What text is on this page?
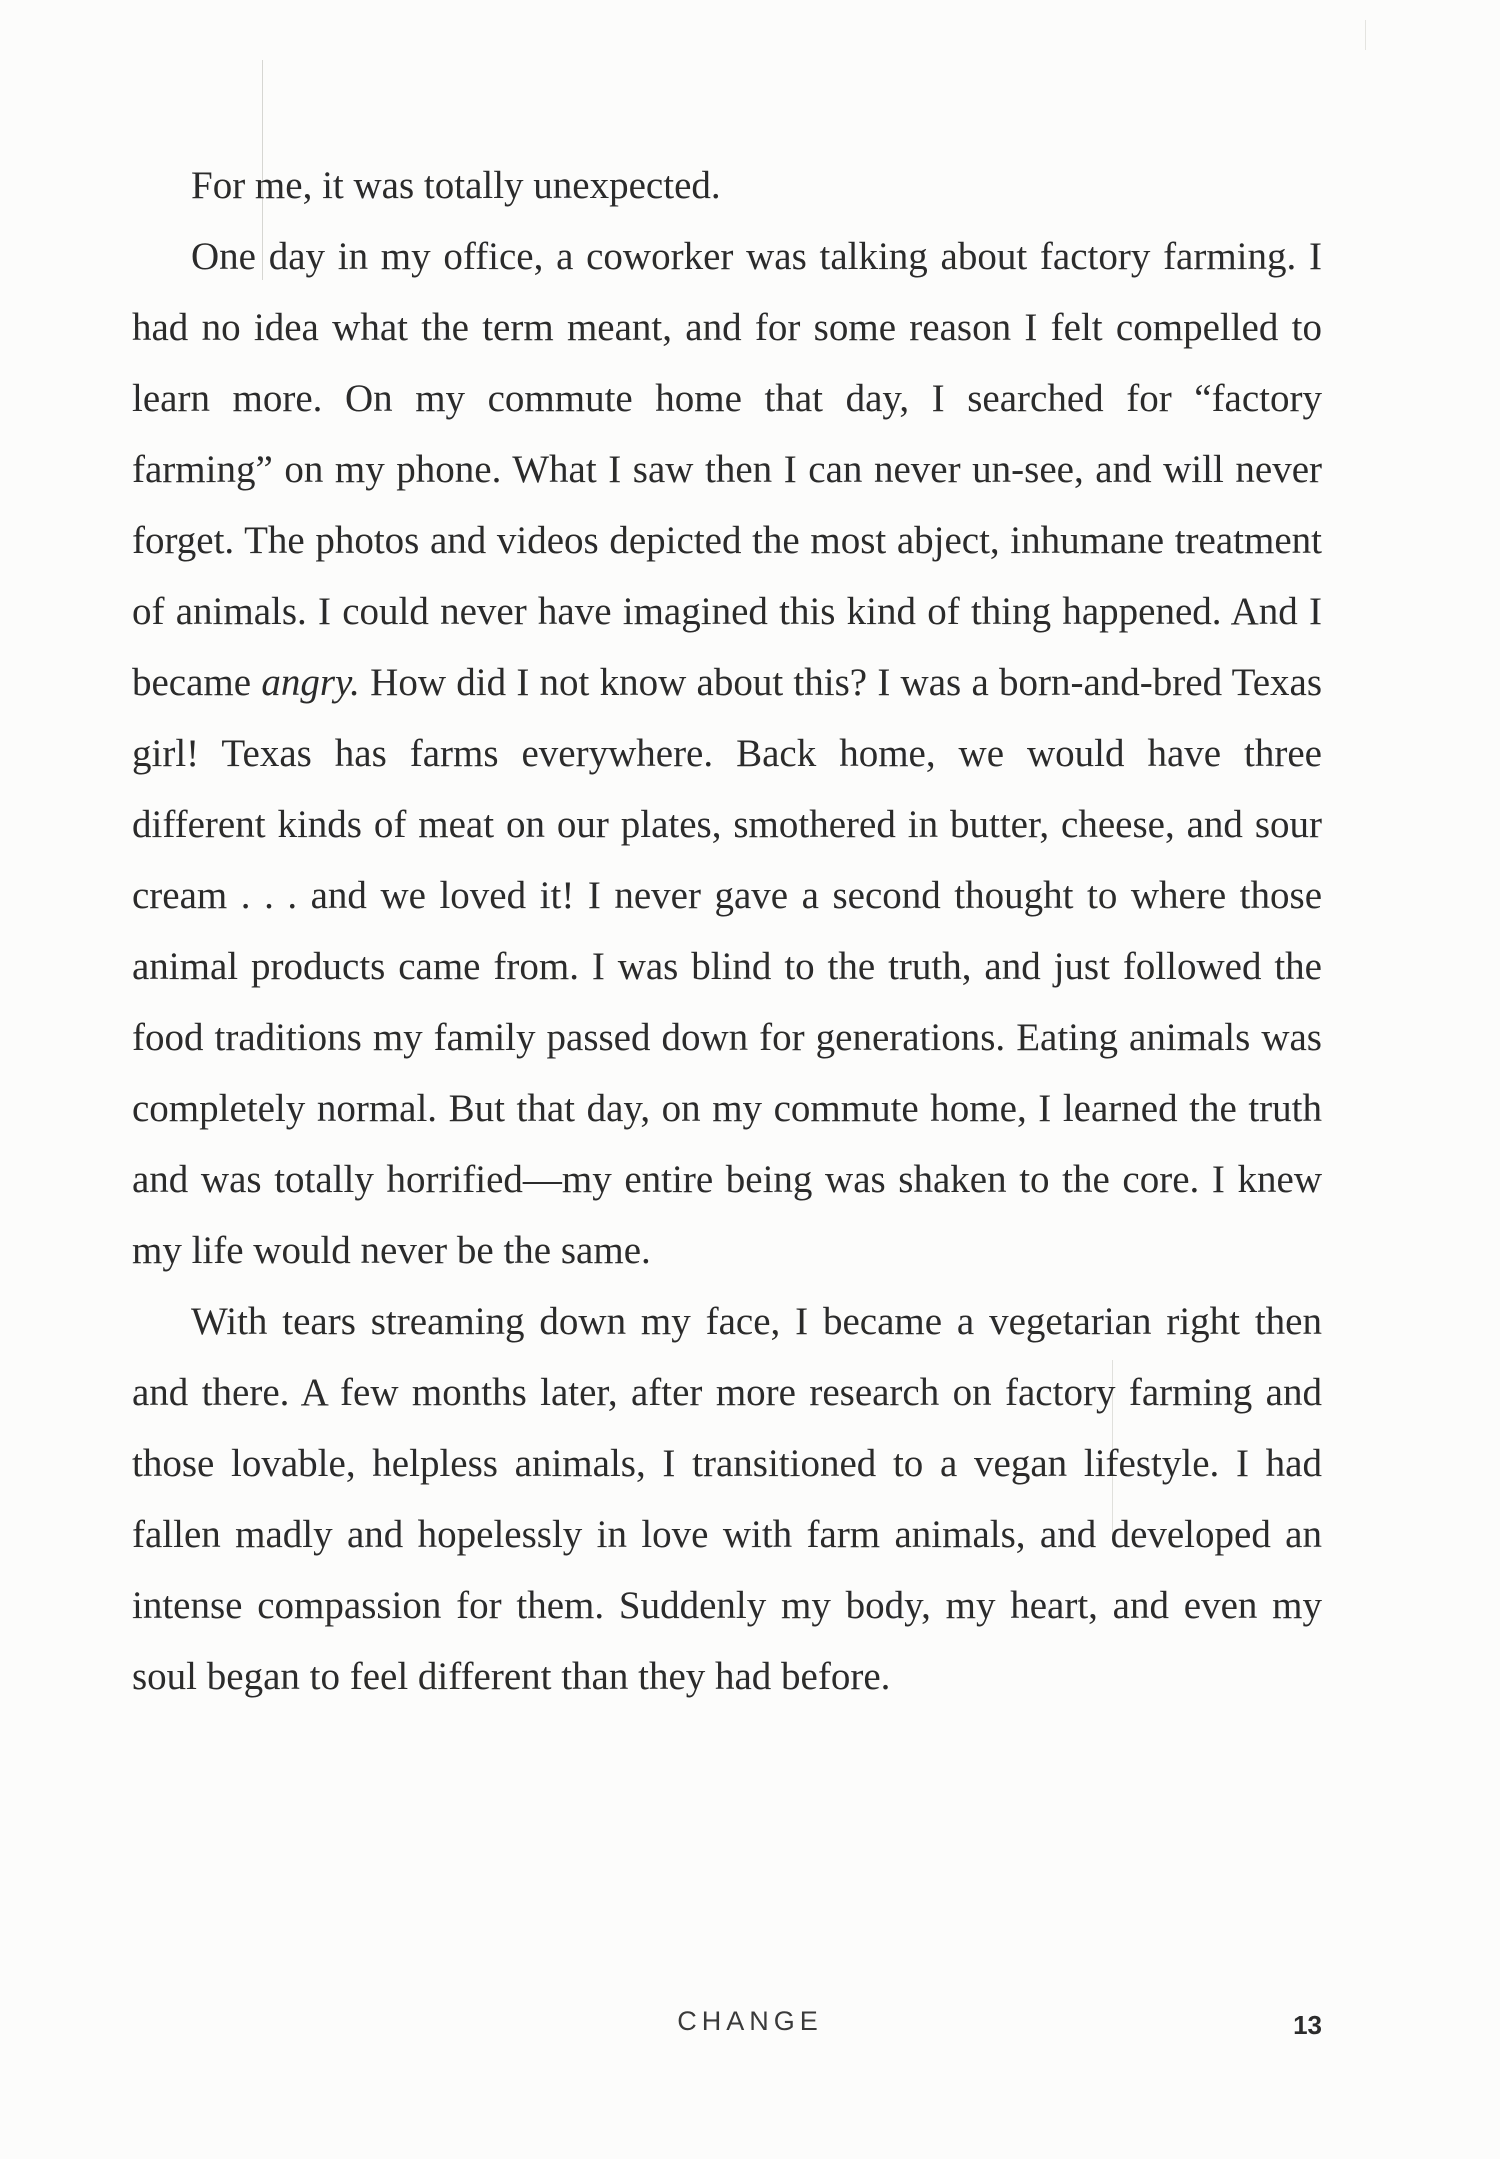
For me, it was totally unexpected.

One day in my office, a coworker was talking about factory farming. I had no idea what the term meant, and for some reason I felt compelled to learn more. On my commute home that day, I searched for “factory farming” on my phone. What I saw then I can never un-see, and will never forget. The photos and videos depicted the most abject, inhumane treatment of animals. I could never have imagined this kind of thing happened. And I became angry. How did I not know about this? I was a born-and-bred Texas girl! Texas has farms everywhere. Back home, we would have three different kinds of meat on our plates, smothered in butter, cheese, and sour cream . . . and we loved it! I never gave a second thought to where those animal products came from. I was blind to the truth, and just followed the food traditions my family passed down for generations. Eating animals was completely normal. But that day, on my commute home, I learned the truth and was totally horrified—my entire being was shaken to the core. I knew my life would never be the same.

With tears streaming down my face, I became a vegetarian right then and there. A few months later, after more research on factory farming and those lovable, helpless animals, I transitioned to a vegan lifestyle. I had fallen madly and hopelessly in love with farm animals, and developed an intense compassion for them. Suddenly my body, my heart, and even my soul began to feel different than they had before.

CHANGE	13
